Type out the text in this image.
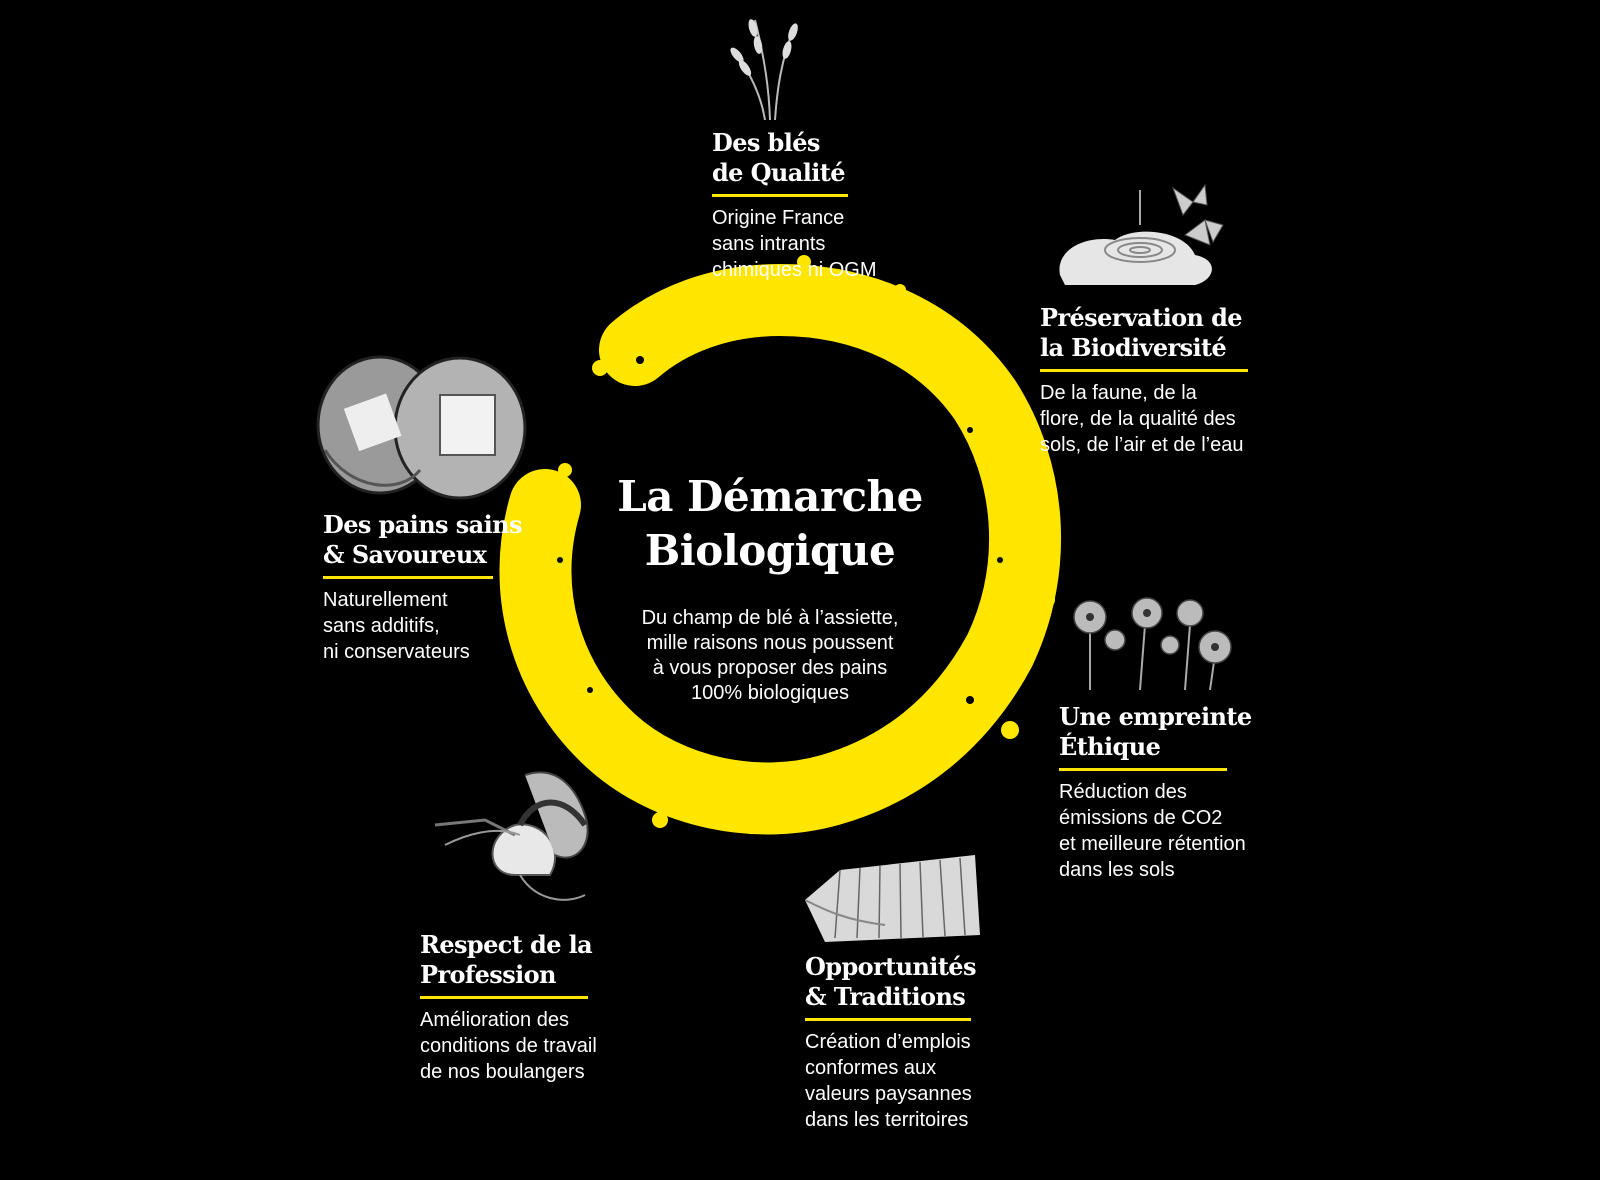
La Démarche
Biologique

Du champ de blé à l’assiette,
mille raisons nous poussent
à vous proposer des pains
100% biologiques

Des blés
de Qualité
Origine France
sans intrants
chimiques ni OGM
Préservation de
la Biodiversité
De la faune, de la
flore, de la qualité des
sols, de l’air et de l’eau
Une empreinte
Éthique
Réduction des
émissions de CO2
et meilleure rétention
dans les sols
Opportunités
& Traditions
Création d’emplois
conformes aux
valeurs paysannes
dans les territoires
Respect de la
Profession
Amélioration des
conditions de travail
de nos boulangers
Des pains sains
& Savoureux
Naturellement
sans additifs,
ni conservateurs
